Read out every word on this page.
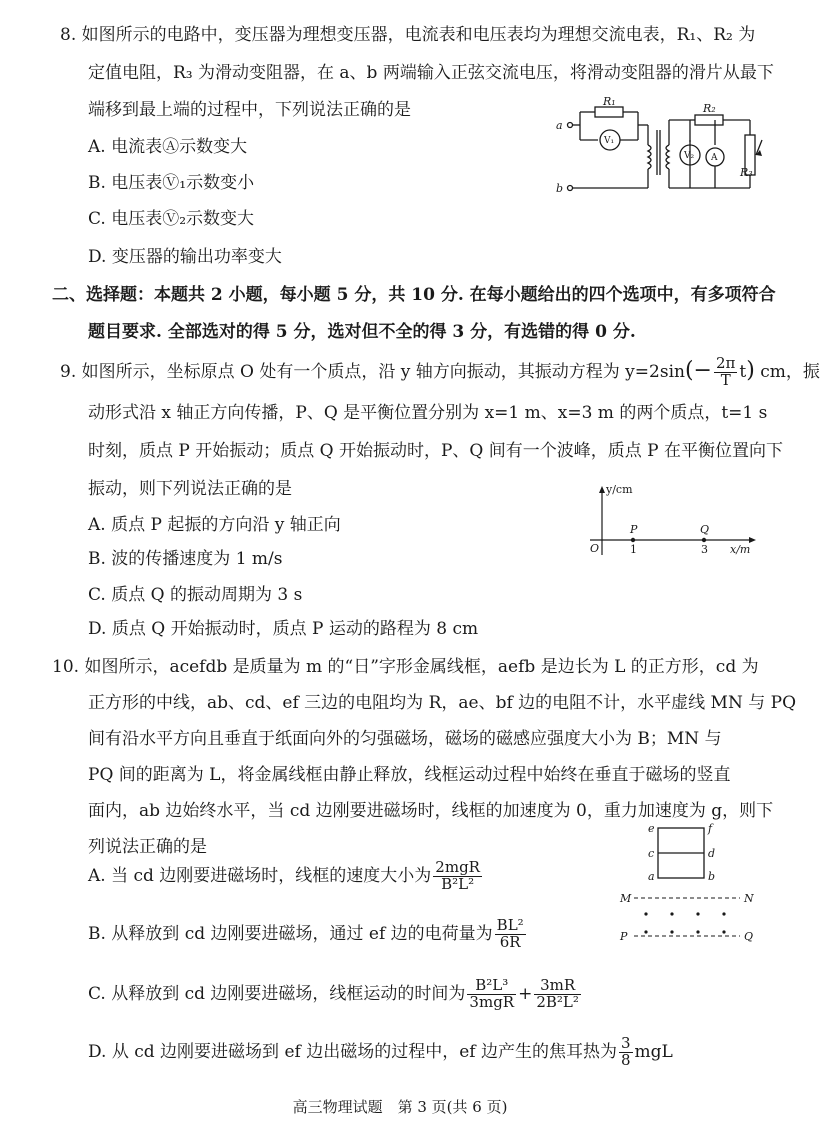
8. 如图所示的电路中，变压器为理想变压器，电流表和电压表均为理想交流电表，R₁、R₂ 为
定值电阻，R₃ 为滑动变阻器，在 a、b 两端输入正弦交流电压，将滑动变阻器的滑片从最下
端移到最上端的过程中，下列说法正确的是
A. 电流表Ⓐ示数变大
B. 电压表Ⓥ₁示数变小
C. 电压表Ⓥ₂示数变大
D. 变压器的输出功率变大
a
b
R₁
R₂
R₃
V₁
V₂ A
二、选择题：本题共 2 小题，每小题 5 分，共 10 分. 在每小题给出的四个选项中，有多项符合
题目要求. 全部选对的得 5 分，选对但不全的得 3 分，有选错的得 0 分.
9. 如图所示，坐标原点 O 处有一个质点，沿 y 轴方向振动，其振动方程为 $y=2\sin(- \frac{2\pi}{T} t)$ cm，振
动形式沿 x 轴正方向传播，P、Q 是平衡位置分别为 x=1 m、x=3 m 的两个质点，t=1 s
时刻，质点 P 开始振动；质点 Q 开始振动时，P、Q 间有一个波峰，质点 P 在平衡位置向下
振动，则下列说法正确的是
A. 质点 P 起振的方向沿 y 轴正向
B. 波的传播速度为 1 m/s
C. 质点 Q 的振动周期为 3 s
D. 质点 Q 开始振动时，质点 P 运动的路程为 8 cm
y/cm
x/m
O
P	Q
1	3
10. 如图所示，acefdb 是质量为 m 的“日”字形金属线框，aefb 是边长为 L 的正方形，cd 为
正方形的中线，ab、cd、ef 三边的电阻均为 R，ae、bf 边的电阻不计，水平虚线 MN 与 PQ
间有沿水平方向且垂直于纸面向外的匀强磁场，磁场的磁感应强度大小为 B；MN 与
PQ 间的距离为 L，将金属线框由静止释放，线框运动过程中始终在垂直于磁场的竖直
面内，ab 边始终水平，当 cd 边刚要进磁场时，线框的加速度为 0，重力加速度为 g，则下
列说法正确的是
A. 当 cd 边刚要进磁场时，线框的速度大小为 $\frac{\text{2mgR}}{\text{B²L²}}$
B. 从释放到 cd 边刚要进磁场，通过 ef 边的电荷量为 $\frac{\text{BL²}}{6R}$
C. 从释放到 cd 边刚要进磁场，线框运动的时间为 $\frac{\text{B²L³}}{\text{3mgR}} + \frac{3mR}{\text{2B²L²}}$
D. 从 cd 边刚要进磁场到 ef 边出磁场的过程中，ef 边产生的焦耳热为 $\frac{3}{8}$ mgL
e	f
c	d
a	b
M	N
P	Q
高三物理试题　第 3 页(共 6 页)
